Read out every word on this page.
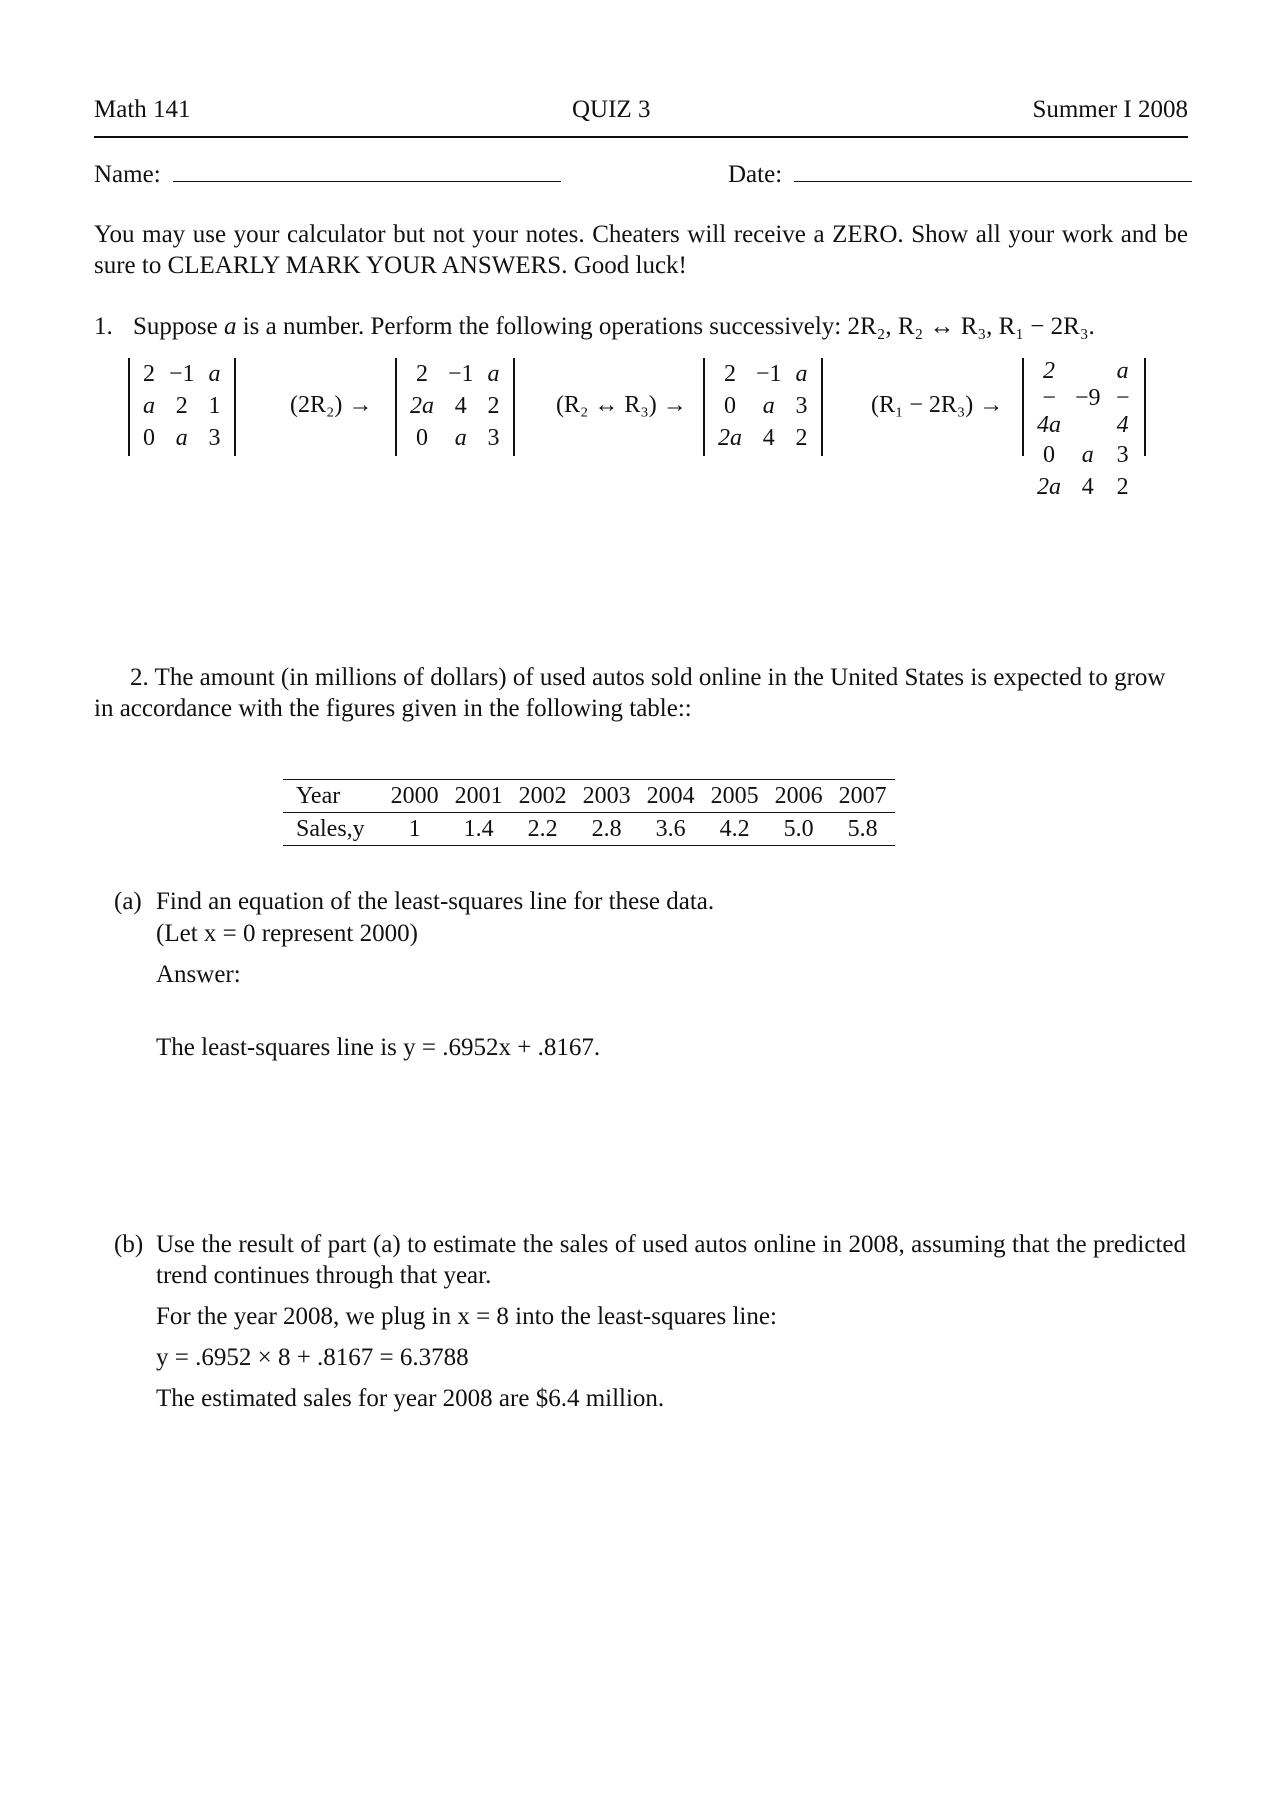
Math 141	QUIZ 3	Summer I 2008
Name:	Date:

You may use your calculator but not your notes. Cheaters will receive a ZERO. Show all your work and be sure to CLEARLY MARK YOUR ANSWERS. Good luck!

1. Suppose a is a number. Perform the following operations successively: 2R₂, R₂ ↔ R₃, R₁ − 2R₃.
2	−1	a
a	2	1
0	a	3
(2R₂) →
2	−1	a
2a	4	2
0	a	3
(R₂ ↔ R₃) →
2	−1	a
0	a	3
2a	4	2
(R₁ − 2R₃) →
2 − 4a	−9	a − 4
0	a	3
2a	4	2

2. The amount (in millions of dollars) of used autos sold online in the United States is expected to grow in accordance with the figures given in the following table::

Year	2000	2001	2002	2003	2004	2005	2006	2007
Sales,y	1	1.4	2.2	2.8	3.6	4.2	5.0	5.8
(a) Find an equation of the least-squares line for these data.
(Let x = 0 represent 2000)
Answer:
The least-squares line is y = .6952x + .8167.
(b) Use the result of part (a) to estimate the sales of used autos online in 2008, assuming that the predicted trend continues through that year.
For the year 2008, we plug in x = 8 into the least-squares line:
y = .6952 × 8 + .8167 = 6.3788
The estimated sales for year 2008 are $6.4 million.
